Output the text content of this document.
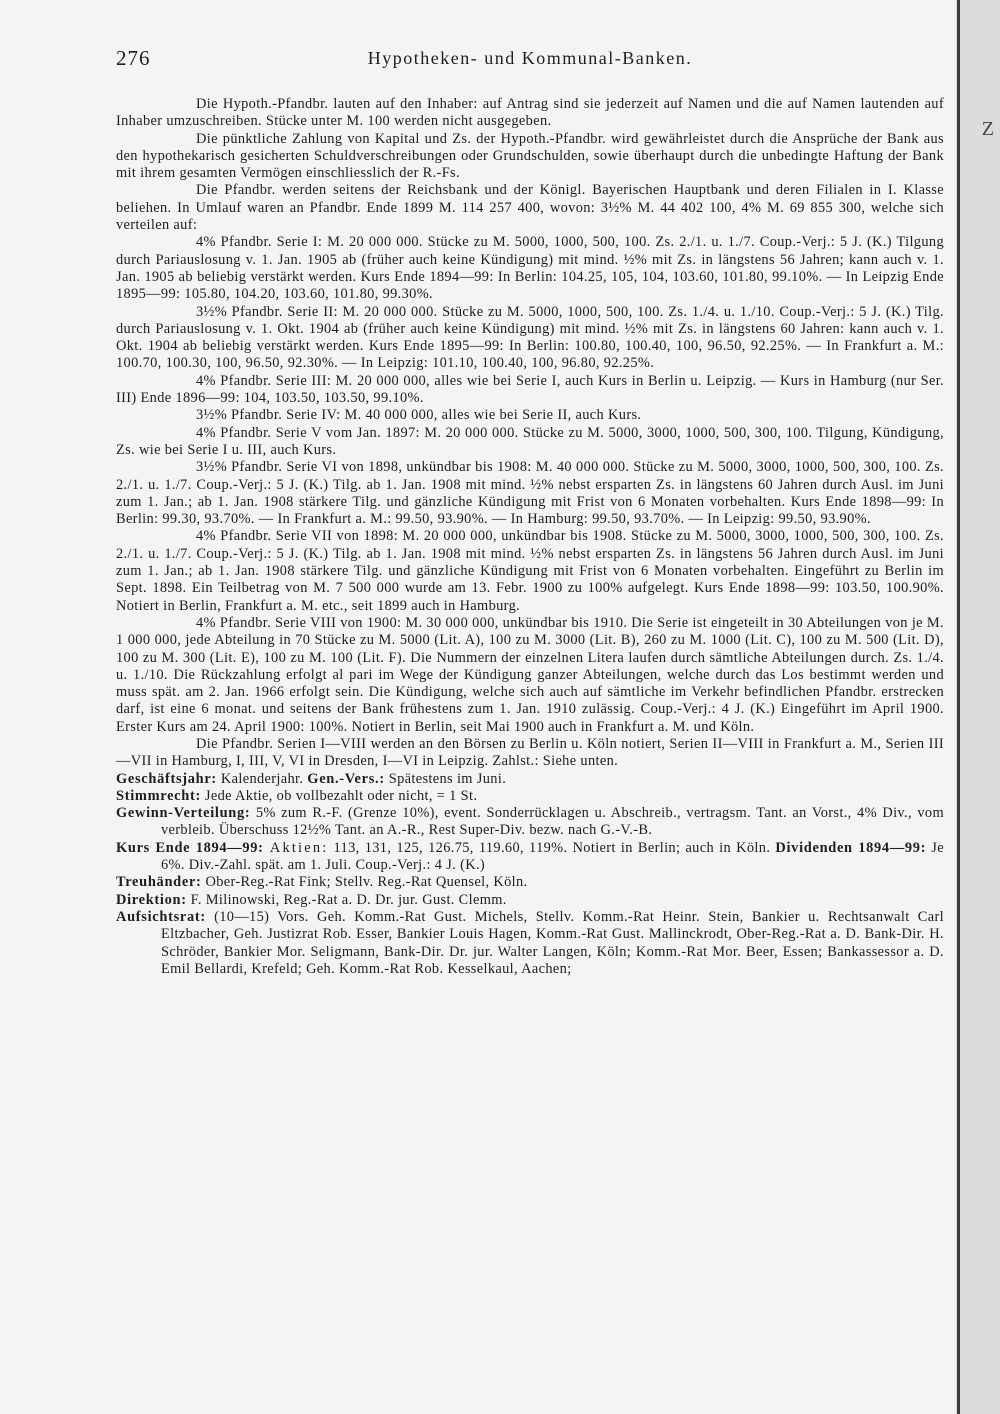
Z
276	Hypotheken- und Kommunal-Banken.

Die Hypoth.-Pfandbr. lauten auf den Inhaber: auf Antrag sind sie jederzeit auf Namen und die auf Namen lautenden auf Inhaber umzuschreiben. Stücke unter M. 100 werden nicht ausgegeben.

Die pünktliche Zahlung von Kapital und Zs. der Hypoth.-Pfandbr. wird gewährleistet durch die Ansprüche der Bank aus den hypothekarisch gesicherten Schuldverschreibungen oder Grundschulden, sowie überhaupt durch die unbedingte Haftung der Bank mit ihrem gesamten Vermögen einschliesslich der R.-Fs.

Die Pfandbr. werden seitens der Reichsbank und der Königl. Bayerischen Hauptbank und deren Filialen in I. Klasse beliehen. In Umlauf waren an Pfandbr. Ende 1899 M. 114 257 400, wovon: 3½% M. 44 402 100, 4% M. 69 855 300, welche sich verteilen auf:

4% Pfandbr. Serie I: M. 20 000 000. Stücke zu M. 5000, 1000, 500, 100. Zs. 2./1. u. 1./7. Coup.-Verj.: 5 J. (K.) Tilgung durch Pariauslosung v. 1. Jan. 1905 ab (früher auch keine Kündigung) mit mind. ½% mit Zs. in längstens 56 Jahren; kann auch v. 1. Jan. 1905 ab beliebig verstärkt werden. Kurs Ende 1894—99: In Berlin: 104.25, 105, 104, 103.60, 101.80, 99.10%. — In Leipzig Ende 1895—99: 105.80, 104.20, 103.60, 101.80, 99.30%.

3½% Pfandbr. Serie II: M. 20 000 000. Stücke zu M. 5000, 1000, 500, 100. Zs. 1./4. u. 1./10. Coup.-Verj.: 5 J. (K.) Tilg. durch Pariauslosung v. 1. Okt. 1904 ab (früher auch keine Kündigung) mit mind. ½% mit Zs. in längstens 60 Jahren: kann auch v. 1. Okt. 1904 ab beliebig verstärkt werden. Kurs Ende 1895—99: In Berlin: 100.80, 100.40, 100, 96.50, 92.25%. — In Frankfurt a. M.: 100.70, 100.30, 100, 96.50, 92.30%. — In Leipzig: 101.10, 100.40, 100, 96.80, 92.25%.

4% Pfandbr. Serie III: M. 20 000 000, alles wie bei Serie I, auch Kurs in Berlin u. Leipzig. — Kurs in Hamburg (nur Ser. III) Ende 1896—99: 104, 103.50, 103.50, 99.10%.

3½% Pfandbr. Serie IV: M. 40 000 000, alles wie bei Serie II, auch Kurs.

4% Pfandbr. Serie V vom Jan. 1897: M. 20 000 000. Stücke zu M. 5000, 3000, 1000, 500, 300, 100. Tilgung, Kündigung, Zs. wie bei Serie I u. III, auch Kurs.

3½% Pfandbr. Serie VI von 1898, unkündbar bis 1908: M. 40 000 000. Stücke zu M. 5000, 3000, 1000, 500, 300, 100. Zs. 2./1. u. 1./7. Coup.-Verj.: 5 J. (K.) Tilg. ab 1. Jan. 1908 mit mind. ½% nebst ersparten Zs. in längstens 60 Jahren durch Ausl. im Juni zum 1. Jan.; ab 1. Jan. 1908 stärkere Tilg. und gänzliche Kündigung mit Frist von 6 Monaten vorbehalten. Kurs Ende 1898—99: In Berlin: 99.30, 93.70%. — In Frankfurt a. M.: 99.50, 93.90%. — In Hamburg: 99.50, 93.70%. — In Leipzig: 99.50, 93.90%.

4% Pfandbr. Serie VII von 1898: M. 20 000 000, unkündbar bis 1908. Stücke zu M. 5000, 3000, 1000, 500, 300, 100. Zs. 2./1. u. 1./7. Coup.-Verj.: 5 J. (K.) Tilg. ab 1. Jan. 1908 mit mind. ½% nebst ersparten Zs. in längstens 56 Jahren durch Ausl. im Juni zum 1. Jan.; ab 1. Jan. 1908 stärkere Tilg. und gänzliche Kündigung mit Frist von 6 Monaten vorbehalten. Eingeführt zu Berlin im Sept. 1898. Ein Teilbetrag von M. 7 500 000 wurde am 13. Febr. 1900 zu 100% aufgelegt. Kurs Ende 1898—99: 103.50, 100.90%. Notiert in Berlin, Frankfurt a. M. etc., seit 1899 auch in Hamburg.

4% Pfandbr. Serie VIII von 1900: M. 30 000 000, unkündbar bis 1910. Die Serie ist eingeteilt in 30 Abteilungen von je M. 1 000 000, jede Abteilung in 70 Stücke zu M. 5000 (Lit. A), 100 zu M. 3000 (Lit. B), 260 zu M. 1000 (Lit. C), 100 zu M. 500 (Lit. D), 100 zu M. 300 (Lit. E), 100 zu M. 100 (Lit. F). Die Nummern der einzelnen Litera laufen durch sämtliche Abteilungen durch. Zs. 1./4. u. 1./10. Die Rückzahlung erfolgt al pari im Wege der Kündigung ganzer Abteilungen, welche durch das Los bestimmt werden und muss spät. am 2. Jan. 1966 erfolgt sein. Die Kündigung, welche sich auch auf sämtliche im Verkehr befindlichen Pfandbr. erstrecken darf, ist eine 6 monat. und seitens der Bank frühestens zum 1. Jan. 1910 zulässig. Coup.-Verj.: 4 J. (K.) Eingeführt im April 1900. Erster Kurs am 24. April 1900: 100%. Notiert in Berlin, seit Mai 1900 auch in Frankfurt a. M. und Köln.

Die Pfandbr. Serien I—VIII werden an den Börsen zu Berlin u. Köln notiert, Serien II—VIII in Frankfurt a. M., Serien III—VII in Hamburg, I, III, V, VI in Dresden, I—VI in Leipzig. Zahlst.: Siehe unten.

Geschäftsjahr: Kalenderjahr. Gen.-Vers.: Spätestens im Juni.

Stimmrecht: Jede Aktie, ob vollbezahlt oder nicht, = 1 St.

Gewinn-Verteilung: 5% zum R.-F. (Grenze 10%), event. Sonderrücklagen u. Abschreib., vertragsm. Tant. an Vorst., 4% Div., vom verbleib. Überschuss 12½% Tant. an A.-R., Rest Super-Div. bezw. nach G.-V.-B.

Kurs Ende 1894—99: Aktien: 113, 131, 125, 126.75, 119.60, 119%. Notiert in Berlin; auch in Köln. Dividenden 1894—99: Je 6%. Div.-Zahl. spät. am 1. Juli. Coup.-Verj.: 4 J. (K.)

Treuhänder: Ober-Reg.-Rat Fink; Stellv. Reg.-Rat Quensel, Köln.

Direktion: F. Milinowski, Reg.-Rat a. D. Dr. jur. Gust. Clemm.

Aufsichtsrat: (10—15) Vors. Geh. Komm.-Rat Gust. Michels, Stellv. Komm.-Rat Heinr. Stein, Bankier u. Rechtsanwalt Carl Eltzbacher, Geh. Justizrat Rob. Esser, Bankier Louis Hagen, Komm.-Rat Gust. Mallinckrodt, Ober-Reg.-Rat a. D. Bank-Dir. H. Schröder, Bankier Mor. Seligmann, Bank-Dir. Dr. jur. Walter Langen, Köln; Komm.-Rat Mor. Beer, Essen; Bankassessor a. D. Emil Bellardi, Krefeld; Geh. Komm.-Rat Rob. Kesselkaul, Aachen;
